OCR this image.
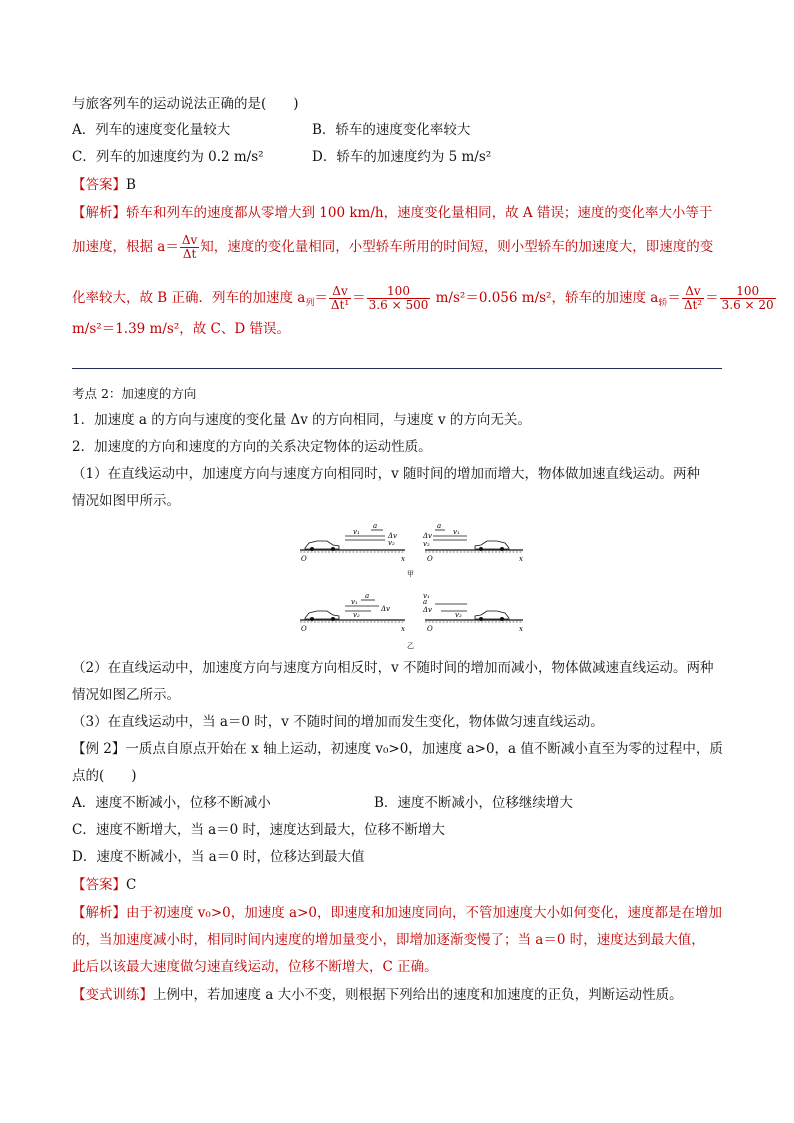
与旅客列车的运动说法正确的是(　　)
A．列车的速度变化量较大	B．轿车的速度变化率较大
C．列车的加速度约为 0.2 m/s²	D．轿车的加速度约为 5 m/s²
【答案】B
【解析】轿车和列车的速度都从零增大到 100 km/h，速度变化量相同，故 A 错误；速度的变化率大小等于
加速度，根据 $a= \frac{\Delta v}{\Delta t}$ 知，速度的变化量相同，小型轿车所用的时间短，则小型轿车的加速度大，即速度的变
化率较大，故 B 正确．列车的加速度 $a_列= \frac{\Delta v}{\text{Δt¹}} = \frac{100}{3.6 \times 500} m/s^2=0.056$ m/s²，轿车的加速度 $a_轿= \frac{\Delta v}{\text{Δt²}} = \frac{100}{3.6 \times 20}$
m/s²＝1.39 m/s²，故 C、D 错误。
考点 2：加速度的方向
1．加速度 a 的方向与速度的变化量 Δv 的方向相同，与速度 v 的方向无关。
2．加速度的方向和速度的方向的关系决定物体的运动性质。
（1）在直线运动中，加速度方向与速度方向相同时，v 随时间的增加而增大，物体做加速直线运动。两种
情况如图甲所示。
a
v₁	Δv
v₂
O	x
a
Δv	v₁
v₂
O	x
甲
a
v₁
Δv
v₂
O	x
a
v₁
Δv
v₂
O	x
乙
（2）在直线运动中，加速度方向与速度方向相反时，v 不随时间的增加而减小，物体做减速直线运动。两种
情况如图乙所示。
（3）在直线运动中，当 a＝0 时，v 不随时间的增加而发生变化，物体做匀速直线运动。
【例 2】一质点自原点开始在 x 轴上运动，初速度 v₀>0，加速度 a>0，a 值不断减小直至为零的过程中，质
点的(　　)
A．速度不断减小，位移不断减小	B．速度不断减小，位移继续增大
C．速度不断增大，当 a＝0 时，速度达到最大，位移不断增大
D．速度不断减小，当 a＝0 时，位移达到最大值
【答案】C
【解析】由于初速度 v₀>0，加速度 a>0，即速度和加速度同向，不管加速度大小如何变化，速度都是在增加
的，当加速度减小时，相同时间内速度的增加量变小，即增加逐渐变慢了；当 a＝0 时，速度达到最大值，
此后以该最大速度做匀速直线运动，位移不断增大，C 正确。
【变式训练】上例中，若加速度 a 大小不变，则根据下列给出的速度和加速度的正负，判断运动性质。
